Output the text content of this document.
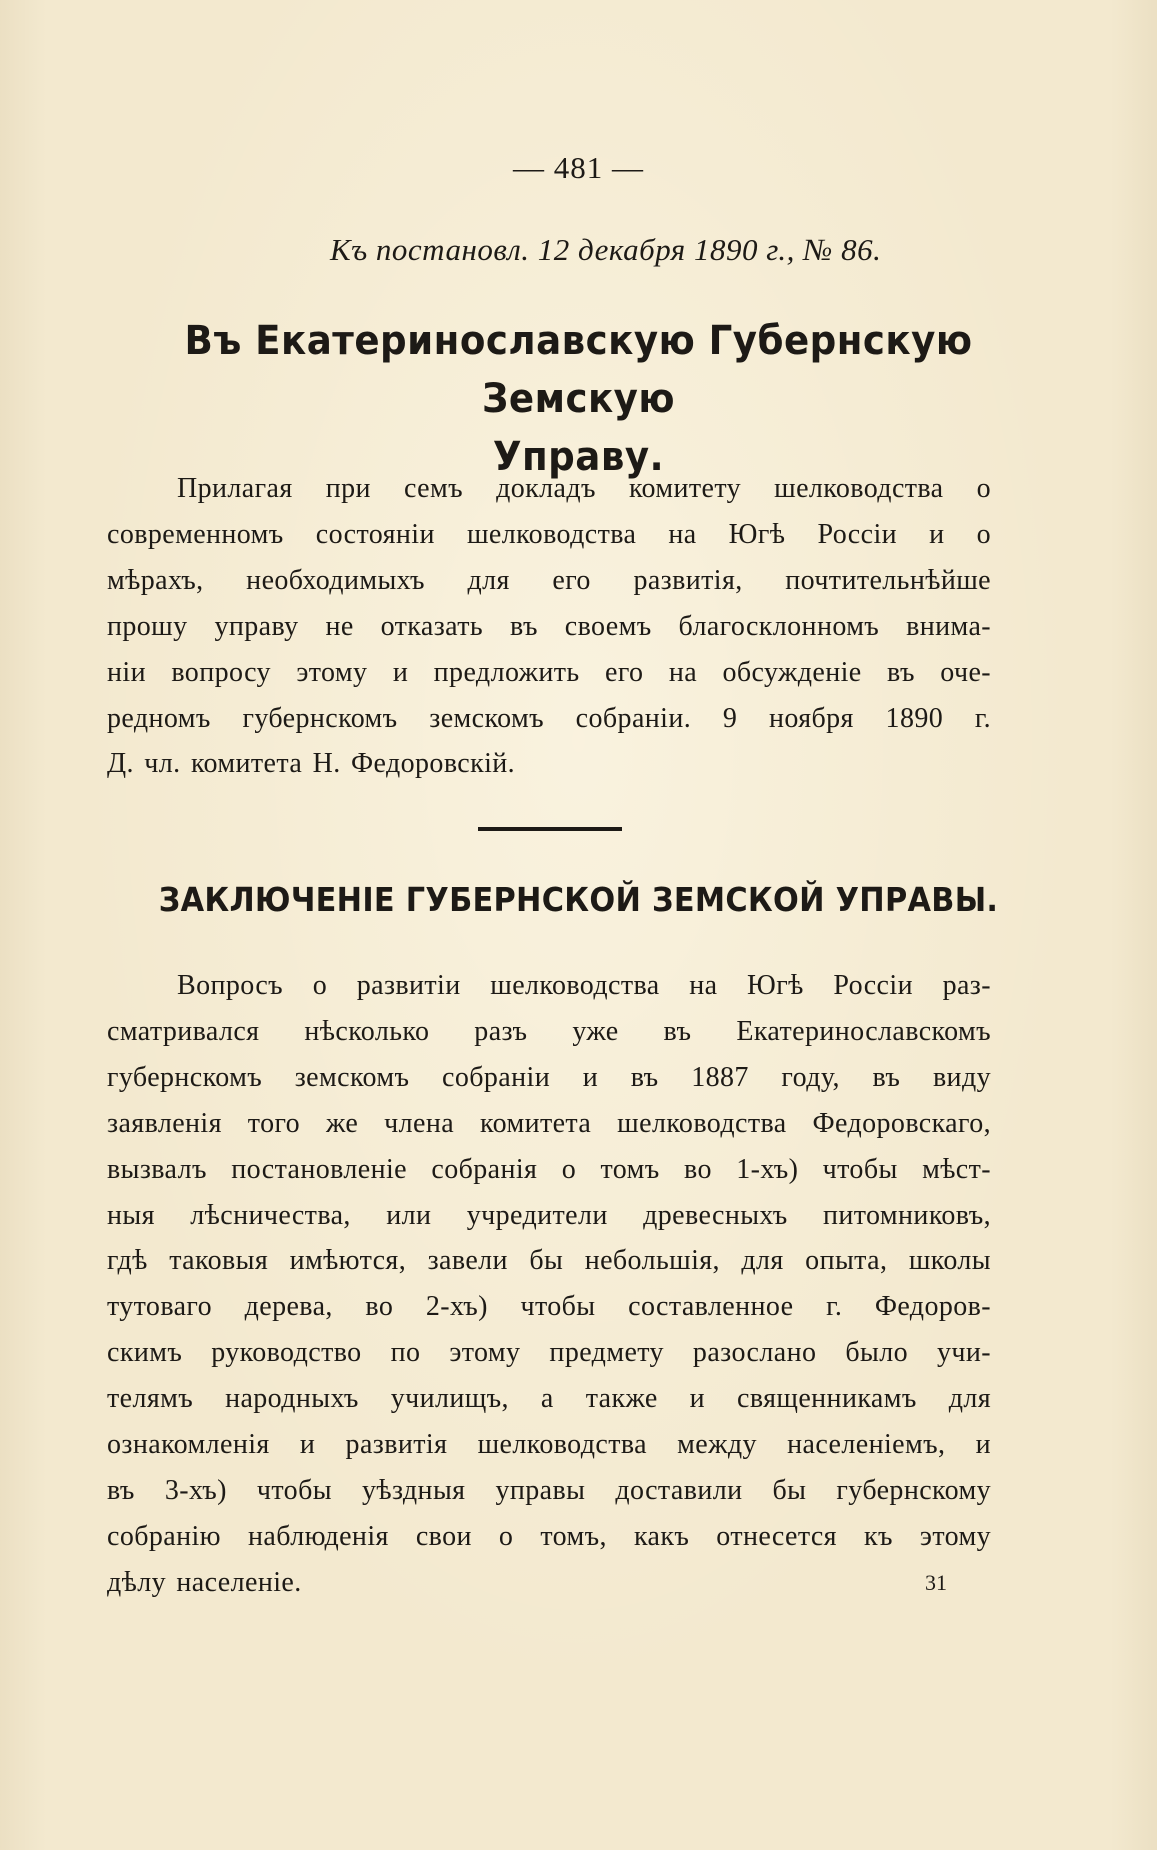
— 481 —
Къ постановл. 12 декабря 1890 г., № 86.
Въ Екатеринославскую Губернскую Земскую
Управу.
Прилагая при семъ докладъ комитету шелководства о
современномъ состояніи шелководства на Югѣ Россіи и о
мѣрахъ, необходимыхъ для его развитія, почтительнѣйше
прошу управу не отказать въ своемъ благосклонномъ внима-
ніи вопросу этому и предложить его на обсужденіе въ оче-
редномъ губернскомъ земскомъ собраніи. 9 ноября 1890 г.
Д. чл. комитета Н. Федоровскій.
ЗАКЛЮЧЕНІЕ ГУБЕРНСКОЙ ЗЕМСКОЙ УПРАВЫ.
Вопросъ о развитіи шелководства на Югѣ Россіи раз-
сматривался нѣсколько разъ уже въ Екатеринославскомъ
губернскомъ земскомъ собраніи и въ 1887 году, въ виду
заявленія того же члена комитета шелководства Федоровскаго,
вызвалъ постановленіе собранія о томъ во 1-хъ) чтобы мѣст-
ныя лѣсничества, или учредители древесныхъ питомниковъ,
гдѣ таковыя имѣются, завели бы небольшія, для опыта, школы
тутоваго дерева, во 2-хъ) чтобы составленное г. Федоров-
скимъ руководство по этому предмету разослано было учи-
телямъ народныхъ училищъ, а также и священникамъ для
ознакомленія и развитія шелководства между населеніемъ, и
въ 3-хъ) чтобы уѣздныя управы доставили бы губернскому
собранію наблюденія свои о томъ, какъ отнесется къ этому
дѣлу населеніе.	31
